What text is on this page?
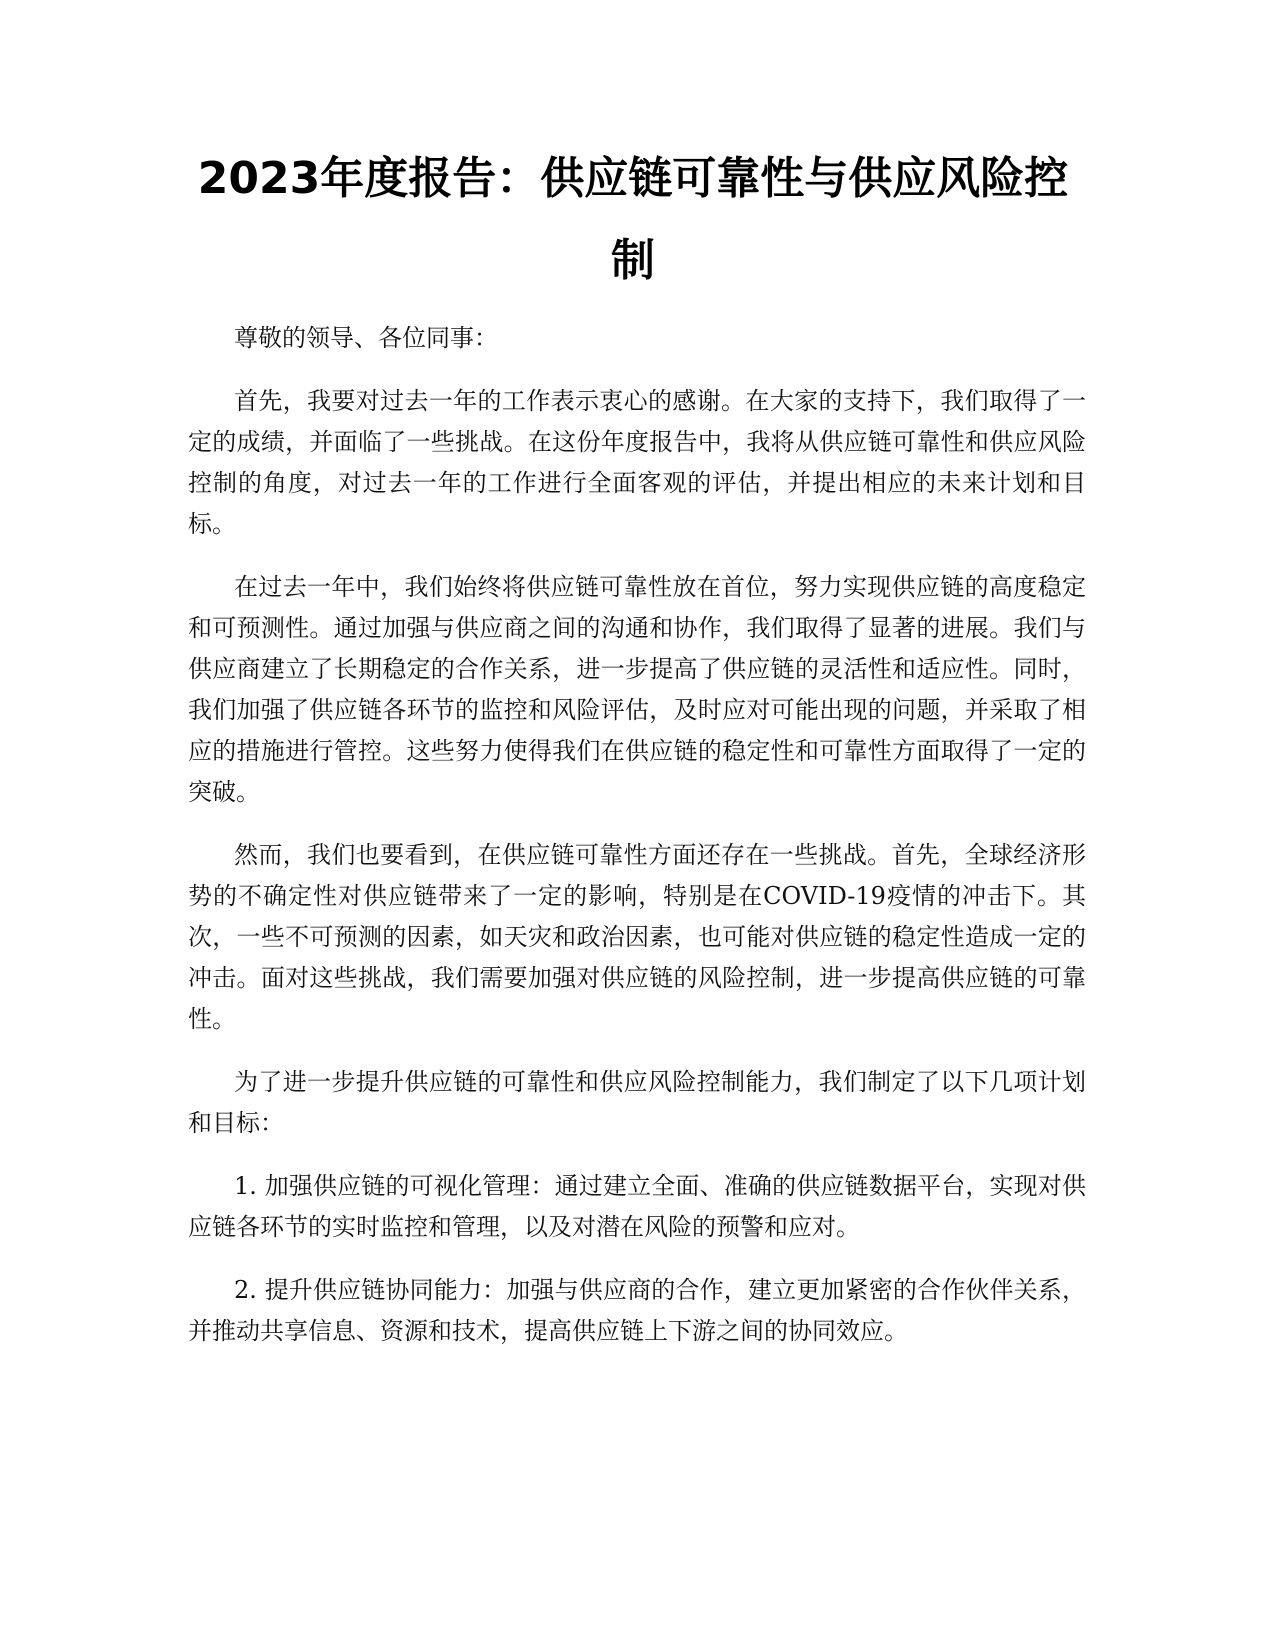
2023年度报告：供应链可靠性与供应风险控制

尊敬的领导、各位同事：

首先，我要对过去一年的工作表示衷心的感谢。在大家的支持下，我们取得了一定的成绩，并面临了一些挑战。在这份年度报告中，我将从供应链可靠性和供应风险控制的角度，对过去一年的工作进行全面客观的评估，并提出相应的未来计划和目标。

在过去一年中，我们始终将供应链可靠性放在首位，努力实现供应链的高度稳定和可预测性。通过加强与供应商之间的沟通和协作，我们取得了显著的进展。我们与供应商建立了长期稳定的合作关系，进一步提高了供应链的灵活性和适应性。同时，我们加强了供应链各环节的监控和风险评估，及时应对可能出现的问题，并采取了相应的措施进行管控。这些努力使得我们在供应链的稳定性和可靠性方面取得了一定的突破。

然而，我们也要看到，在供应链可靠性方面还存在一些挑战。首先，全球经济形势的不确定性对供应链带来了一定的影响，特别是在COVID-19疫情的冲击下。其次，一些不可预测的因素，如天灾和政治因素，也可能对供应链的稳定性造成一定的冲击。面对这些挑战，我们需要加强对供应链的风险控制，进一步提高供应链的可靠性。

为了进一步提升供应链的可靠性和供应风险控制能力，我们制定了以下几项计划和目标：

1. 加强供应链的可视化管理：通过建立全面、准确的供应链数据平台，实现对供应链各环节的实时监控和管理，以及对潜在风险的预警和应对。

2. 提升供应链协同能力：加强与供应商的合作，建立更加紧密的合作伙伴关系，并推动共享信息、资源和技术，提高供应链上下游之间的协同效应。
